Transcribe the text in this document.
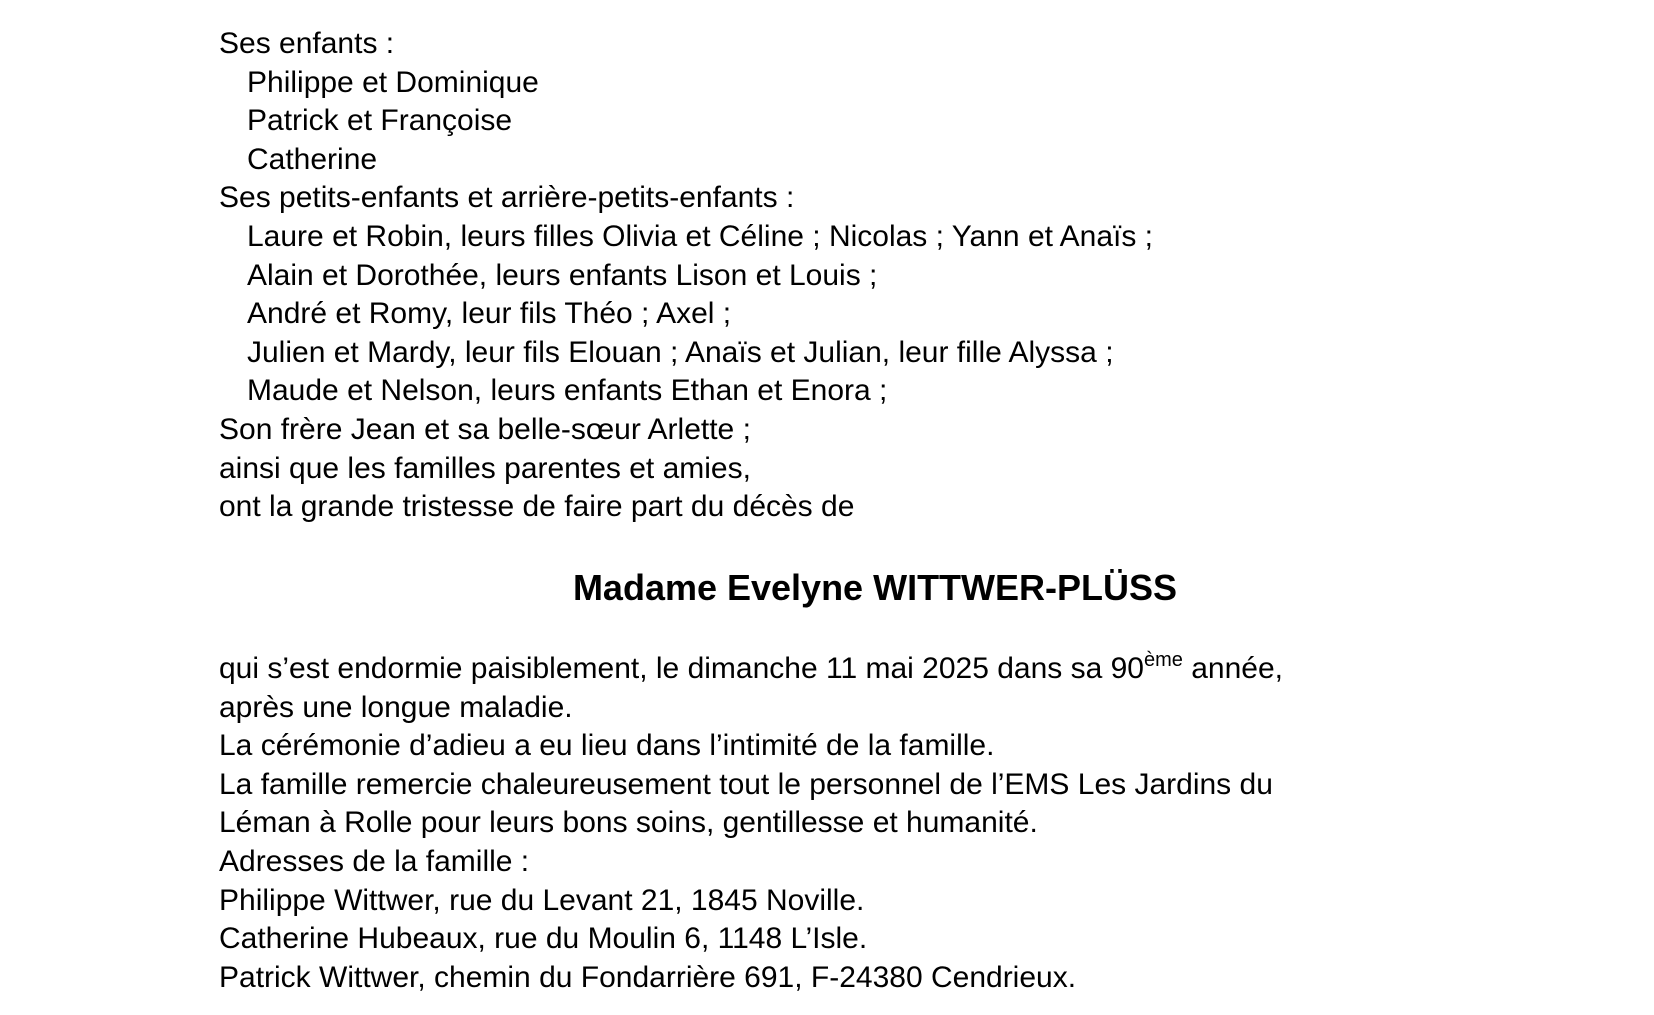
Ses enfants :
Philippe et Dominique
Patrick et Françoise
Catherine
Ses petits-enfants et arrière-petits-enfants :
Laure et Robin, leurs filles Olivia et Céline ; Nicolas ; Yann et Anaïs ;
Alain et Dorothée, leurs enfants Lison et Louis ;
André et Romy, leur fils Théo ; Axel ;
Julien et Mardy, leur fils Elouan ; Anaïs et Julian, leur fille Alyssa ;
Maude et Nelson, leurs enfants Ethan et Enora ;
Son frère Jean et sa belle-sœur Arlette ;
ainsi que les familles parentes et amies,
ont la grande tristesse de faire part du décès de
Madame Evelyne WITTWER-PLÜSS
qui s’est endormie paisiblement, le dimanche 11 mai 2025 dans sa 90ème année,
après une longue maladie.
La cérémonie d’adieu a eu lieu dans l’intimité de la famille.
La famille remercie chaleureusement tout le personnel de l’EMS Les Jardins du
Léman à Rolle pour leurs bons soins, gentillesse et humanité.
Adresses de la famille :
Philippe Wittwer, rue du Levant 21, 1845 Noville.
Catherine Hubeaux, rue du Moulin 6, 1148 L’Isle.
Patrick Wittwer, chemin du Fondarrière 691, F-24380 Cendrieux.
